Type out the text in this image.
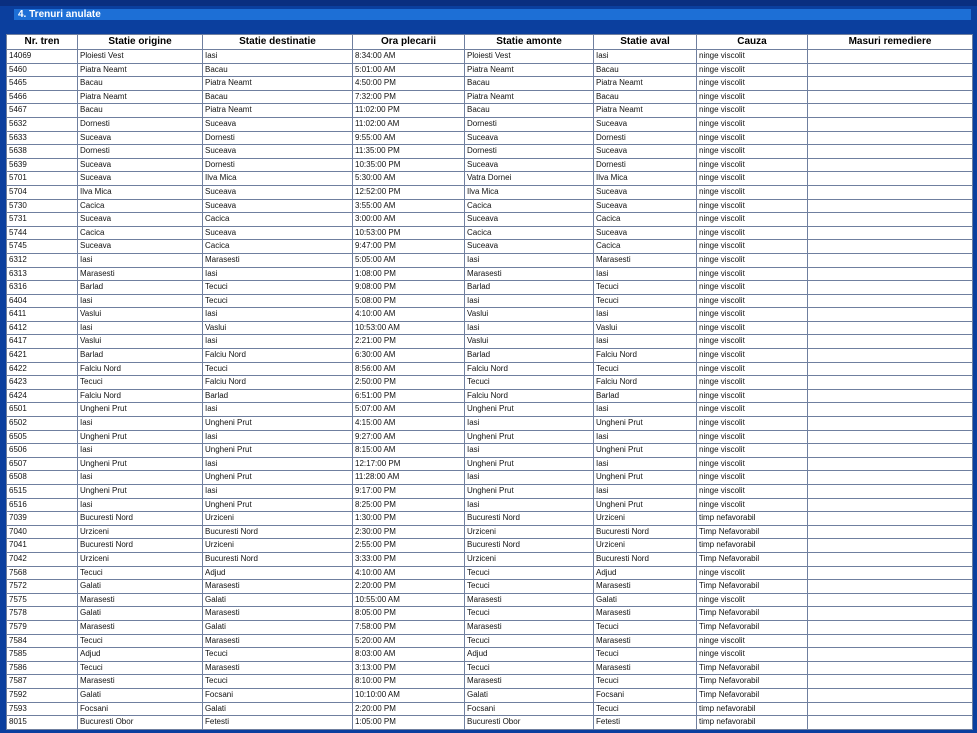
4. Trenuri anulate
Nr. tren	Statie origine	Statie destinatie	Ora plecarii	Statie amonte	Statie aval	Cauza	Masuri remediere
14069	Ploiesti Vest	Iasi	8:34:00 AM	Ploiesti Vest	Iasi	ninge viscolit	
5460	Piatra Neamt	Bacau	5:01:00 AM	Piatra Neamt	Bacau	ninge viscolit	
5465	Bacau	Piatra Neamt	4:50:00 PM	Bacau	Piatra Neamt	ninge viscolit	
5466	Piatra Neamt	Bacau	7:32:00 PM	Piatra Neamt	Bacau	ninge viscolit	
5467	Bacau	Piatra Neamt	11:02:00 PM	Bacau	Piatra Neamt	ninge viscolit	
5632	Dornesti	Suceava	11:02:00 AM	Dornesti	Suceava	ninge viscolit	
5633	Suceava	Dornesti	9:55:00 AM	Suceava	Dornesti	ninge viscolit	
5638	Dornesti	Suceava	11:35:00 PM	Dornesti	Suceava	ninge viscolit	
5639	Suceava	Dornesti	10:35:00 PM	Suceava	Dornesti	ninge viscolit	
5701	Suceava	Ilva Mica	5:30:00 AM	Vatra Dornei	Ilva Mica	ninge viscolit	
5704	Ilva Mica	Suceava	12:52:00 PM	Ilva Mica	Suceava	ninge viscolit	
5730	Cacica	Suceava	3:55:00 AM	Cacica	Suceava	ninge viscolit	
5731	Suceava	Cacica	3:00:00 AM	Suceava	Cacica	ninge viscolit	
5744	Cacica	Suceava	10:53:00 PM	Cacica	Suceava	ninge viscolit	
5745	Suceava	Cacica	9:47:00 PM	Suceava	Cacica	ninge viscolit	
6312	Iasi	Marasesti	5:05:00 AM	Iasi	Marasesti	ninge viscolit	
6313	Marasesti	Iasi	1:08:00 PM	Marasesti	Iasi	ninge viscolit	
6316	Barlad	Tecuci	9:08:00 PM	Barlad	Tecuci	ninge viscolit	
6404	Iasi	Tecuci	5:08:00 PM	Iasi	Tecuci	ninge viscolit	
6411	Vaslui	Iasi	4:10:00 AM	Vaslui	Iasi	ninge viscolit	
6412	Iasi	Vaslui	10:53:00 AM	Iasi	Vaslui	ninge viscolit	
6417	Vaslui	Iasi	2:21:00 PM	Vaslui	Iasi	ninge viscolit	
6421	Barlad	Falciu Nord	6:30:00 AM	Barlad	Falciu Nord	ninge viscolit	
6422	Falciu Nord	Tecuci	8:56:00 AM	Falciu Nord	Tecuci	ninge viscolit	
6423	Tecuci	Falciu Nord	2:50:00 PM	Tecuci	Falciu Nord	ninge viscolit	
6424	Falciu Nord	Barlad	6:51:00 PM	Falciu Nord	Barlad	ninge viscolit	
6501	Ungheni Prut	Iasi	5:07:00 AM	Ungheni Prut	Iasi	ninge viscolit	
6502	Iasi	Ungheni Prut	4:15:00 AM	Iasi	Ungheni Prut	ninge viscolit	
6505	Ungheni Prut	Iasi	9:27:00 AM	Ungheni Prut	Iasi	ninge viscolit	
6506	Iasi	Ungheni Prut	8:15:00 AM	Iasi	Ungheni Prut	ninge viscolit	
6507	Ungheni Prut	Iasi	12:17:00 PM	Ungheni Prut	Iasi	ninge viscolit	
6508	Iasi	Ungheni Prut	11:28:00 AM	Iasi	Ungheni Prut	ninge viscolit	
6515	Ungheni Prut	Iasi	9:17:00 PM	Ungheni Prut	Iasi	ninge viscolit	
6516	Iasi	Ungheni Prut	8:25:00 PM	Iasi	Ungheni Prut	ninge viscolit	
7039	Bucuresti Nord	Urziceni	1:30:00 PM	Bucuresti Nord	Urziceni	timp nefavorabil	
7040	Urziceni	Bucuresti Nord	2:30:00 PM	Urziceni	Bucuresti Nord	Timp Nefavorabil	
7041	Bucuresti Nord	Urziceni	2:55:00 PM	Bucuresti Nord	Urziceni	timp nefavorabil	
7042	Urziceni	Bucuresti Nord	3:33:00 PM	Urziceni	Bucuresti Nord	Timp Nefavorabil	
7568	Tecuci	Adjud	4:10:00 AM	Tecuci	Adjud	ninge viscolit	
7572	Galati	Marasesti	2:20:00 PM	Tecuci	Marasesti	Timp Nefavorabil	
7575	Marasesti	Galati	10:55:00 AM	Marasesti	Galati	ninge viscolit	
7578	Galati	Marasesti	8:05:00 PM	Tecuci	Marasesti	Timp Nefavorabil	
7579	Marasesti	Galati	7:58:00 PM	Marasesti	Tecuci	Timp Nefavorabil	
7584	Tecuci	Marasesti	5:20:00 AM	Tecuci	Marasesti	ninge viscolit	
7585	Adjud	Tecuci	8:03:00 AM	Adjud	Tecuci	ninge viscolit	
7586	Tecuci	Marasesti	3:13:00 PM	Tecuci	Marasesti	Timp Nefavorabil	
7587	Marasesti	Tecuci	8:10:00 PM	Marasesti	Tecuci	Timp Nefavorabil	
7592	Galati	Focsani	10:10:00 AM	Galati	Focsani	Timp Nefavorabil	
7593	Focsani	Galati	2:20:00 PM	Focsani	Tecuci	timp nefavorabil	
8015	Bucuresti Obor	Fetesti	1:05:00 PM	Bucuresti Obor	Fetesti	timp nefavorabil	
